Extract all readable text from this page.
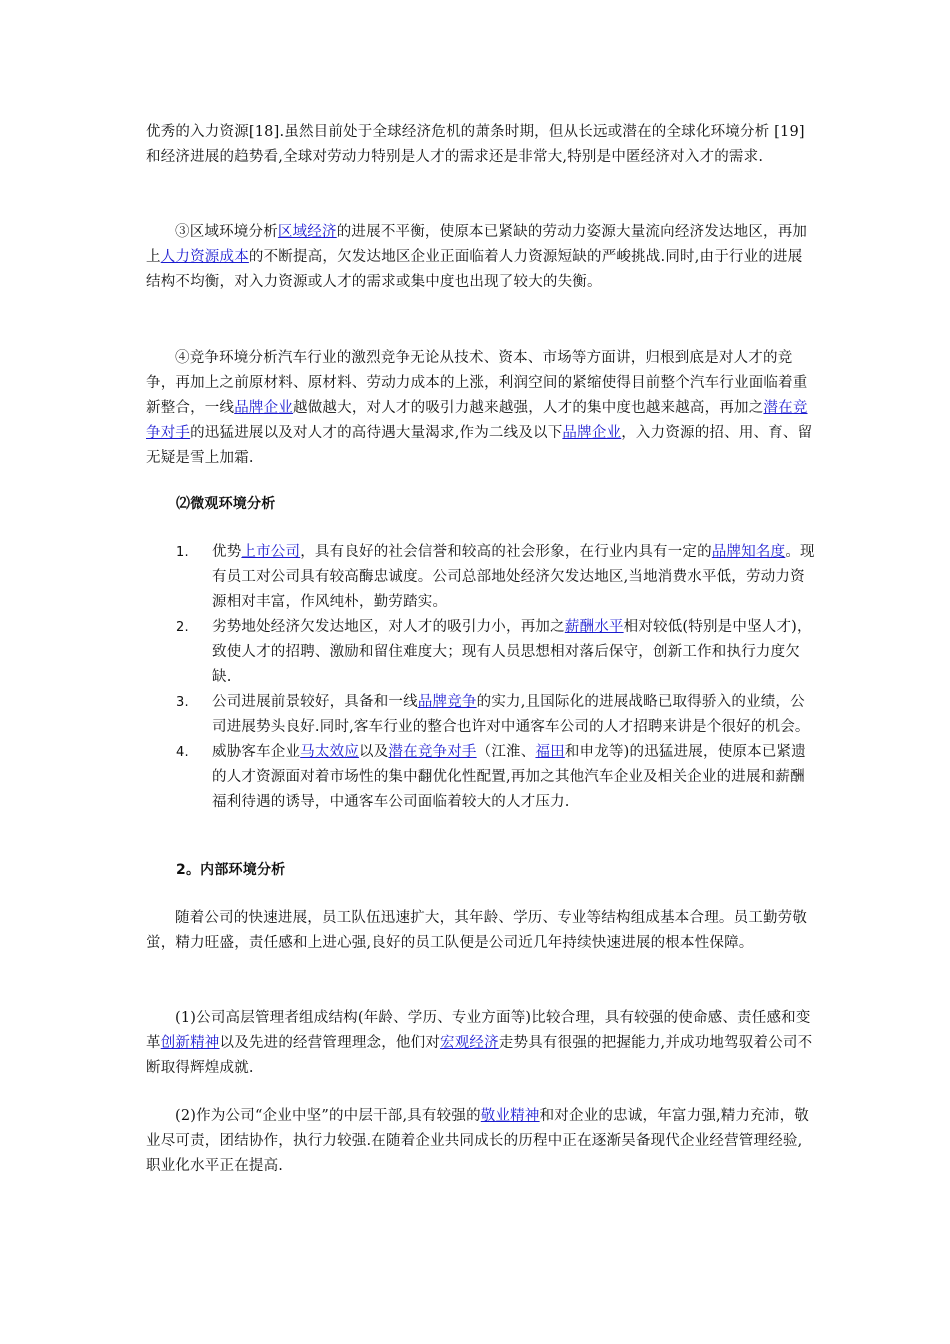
优秀的入力资源[18].虽然目前处于全球经济危机的萧条时期，但从长远或潜在的全球化环境分析 [19]和经济进展的趋势看,全球对劳动力特别是人才的需求还是非常大,特别是中匿经济对入才的需求.

③区域环境分析区域经济的进展不平衡，使原本已紧缺的劳动力姿源大量流向经济发达地区，再加上人力资源成本的不断提高，欠发达地区企业正面临着人力资源短缺的严峻挑战.同时,由于行业的进展结构不均衡，对入力资源或人才的需求或集中度也出现了较大的失衡。

④竞争环境分析汽车行业的激烈竞争无论从技术、资本、市场等方面讲，归根到底是对人才的竞争，再加上之前原材料、原材料、劳动力成本的上涨，利润空间的紧缩使得目前整个汽车行业面临着重新整合，一线品牌企业越做越大，对人才的吸引力越来越强，人才的集中度也越来越高，再加之潜在竞争对手的迅猛进展以及对人才的高待遇大量渴求,作为二线及以下品牌企业，入力资源的招、用、育、留无疑是雪上加霜.

⑵微观环境分析

1. 优势上市公司，具有良好的社会信誉和较高的社会形象，在行业内具有一定的品牌知名度。现有员工对公司具有较高酶忠诚度。公司总部地处经济欠发达地区,当地消费水平低，劳动力资源相对丰富，作风纯朴，勤劳踏实。
2. 劣势地处经济欠发达地区，对人才的吸引力小，再加之薪酬水平相对较低(特别是中坚人才)，致使人才的招聘、激励和留住难度大；现有人员思想相对落后保守，创新工作和执行力度欠缺.
3. 公司进展前景较好，具备和一线品牌竞争的实力,且国际化的进展战略已取得骄入的业绩，公司进展势头良好.同时,客车行业的整合也许对中通客车公司的人才招聘来讲是个很好的机会。
4. 威胁客车企业马太效应以及潜在竞争对手（江淮、福田和申龙等)的迅猛进展，使原本已紧遗的人才资源面对着市场性的集中翻优化性配置,再加之其他汽车企业及相关企业的进展和薪酬福利待遇的诱导，中通客车公司面临着较大的人才压力.

2。内部环境分析

随着公司的快速进展，员工队伍迅速扩大，其年龄、学历、专业等结构组成基本合理。员工勤劳敬蛍，精力旺盛，责任感和上进心强,良好的员工队便是公司近几年持续快速进展的根本性保障。

(1)公司高层管理者组成结构(年龄、学历、专业方面等)比较合理，具有较强的使命感、责任感和变革创新精神以及先进的经营管理理念，他们对宏观经济走势具有很强的把握能力,并成功地驾驭着公司不断取得辉煌成就.

(2)作为公司“企业中坚”的中层干部,具有较强的敬业精神和对企业的忠诚，年富力强,精力充沛，敬业尽可责，团结协作，执行力较强.在随着企业共同成长的历程中正在逐渐吴备现代企业经营管理经验,职业化水平正在提高.
